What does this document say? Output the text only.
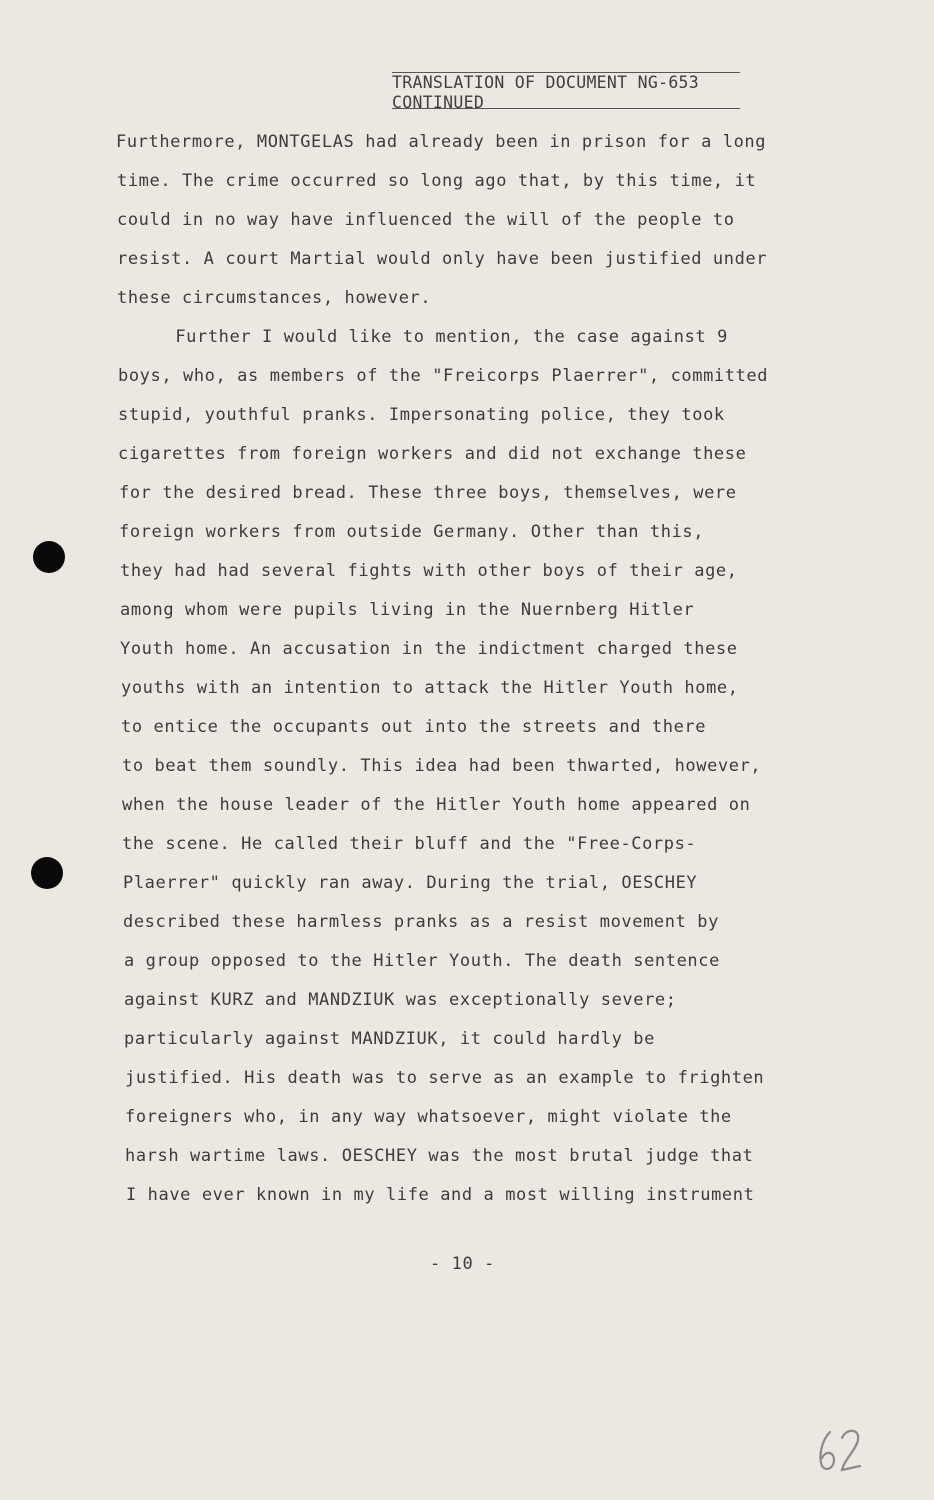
TRANSLATION OF DOCUMENT NG-653
CONTINUED
Furthermore, MONTGELAS had already been in prison for a long
time. The crime occurred so long ago that, by this time, it
could in no way have influenced the will of the people to
resist. A court Martial would only have been justified under
these circumstances, however.
Further I would like to mention, the case against 9
boys, who, as members of the "Freicorps Plaerrer", committed
stupid, youthful pranks. Impersonating police, they took
cigarettes from foreign workers and did not exchange these
for the desired bread. These three boys, themselves, were
foreign workers from outside Germany. Other than this,
they had had several fights with other boys of their age,
among whom were pupils living in the Nuernberg Hitler
Youth home. An accusation in the indictment charged these
youths with an intention to attack the Hitler Youth home,
to entice the occupants out into the streets and there
to beat them soundly. This idea had been thwarted, however,
when the house leader of the Hitler Youth home appeared on
the scene. He called their bluff and the "Free-Corps-
Plaerrer" quickly ran away. During the trial, OESCHEY
described these harmless pranks as a resist movement by
a group opposed to the Hitler Youth. The death sentence
against KURZ and MANDZIUK was exceptionally severe;
particularly against MANDZIUK, it could hardly be
justified. His death was to serve as an example to frighten
foreigners who, in any way whatsoever, might violate the
harsh wartime laws. OESCHEY was the most brutal judge that
I have ever known in my life and a most willing instrument
- 10 -
